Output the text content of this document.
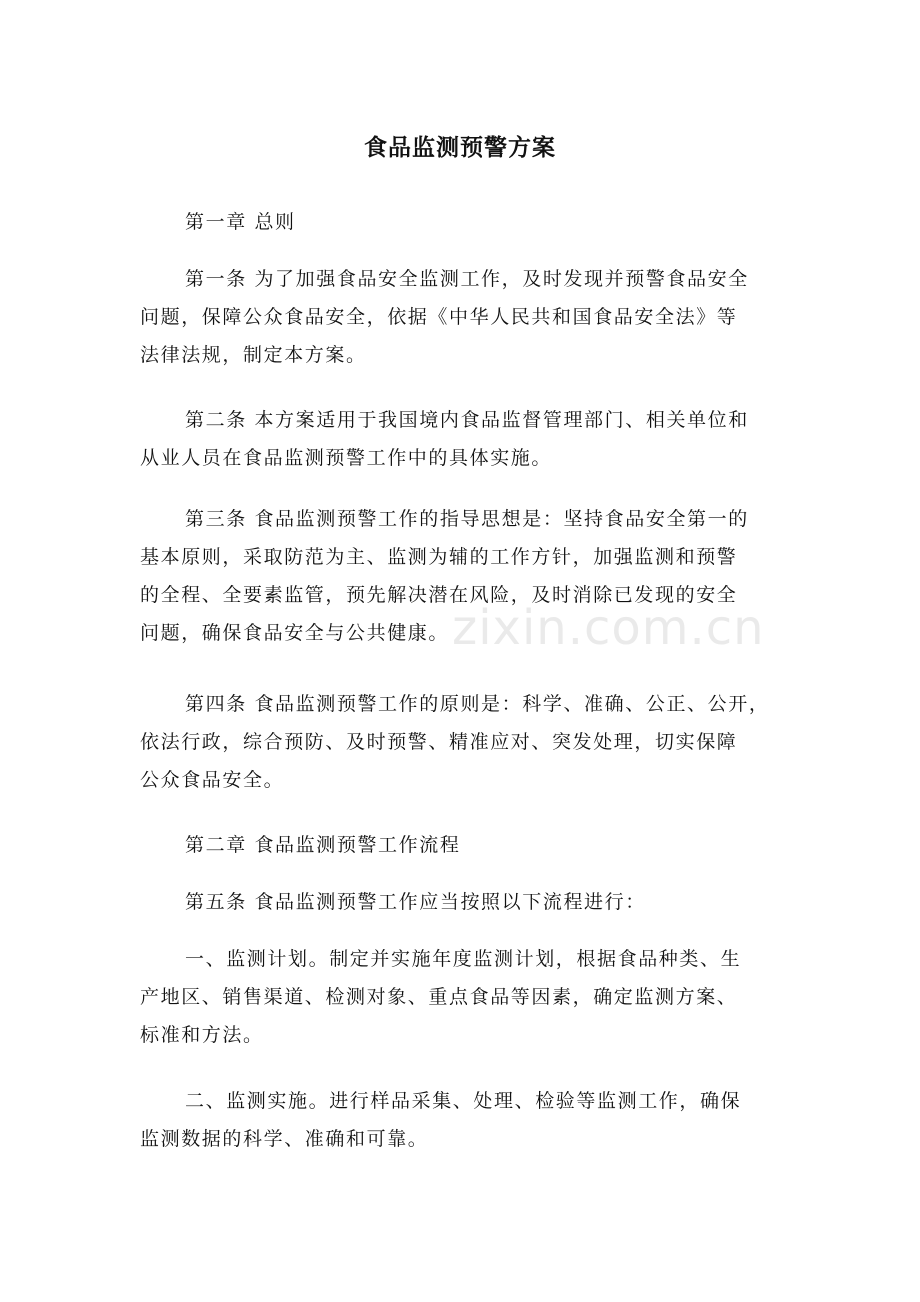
食品监测预警方案
第一章 总则
第一条 为了加强食品安全监测工作，及时发现并预警食品安全
问题，保障公众食品安全，依据《中华人民共和国食品安全法》等
法律法规，制定本方案。
第二条 本方案适用于我国境内食品监督管理部门、相关单位和
从业人员在食品监测预警工作中的具体实施。
第三条 食品监测预警工作的指导思想是：坚持食品安全第一的
基本原则，采取防范为主、监测为辅的工作方针，加强监测和预警
的全程、全要素监管，预先解决潜在风险，及时消除已发现的安全
问题，确保食品安全与公共健康。
第四条 食品监测预警工作的原则是：科学、准确、公正、公开，
依法行政，综合预防、及时预警、精准应对、突发处理，切实保障
公众食品安全。
第二章 食品监测预警工作流程
第五条 食品监测预警工作应当按照以下流程进行：
一、监测计划。制定并实施年度监测计划，根据食品种类、生
产地区、销售渠道、检测对象、重点食品等因素，确定监测方案、
标准和方法。
二、监测实施。进行样品采集、处理、检验等监测工作，确保
监测数据的科学、准确和可靠。
zixin.com.cn
